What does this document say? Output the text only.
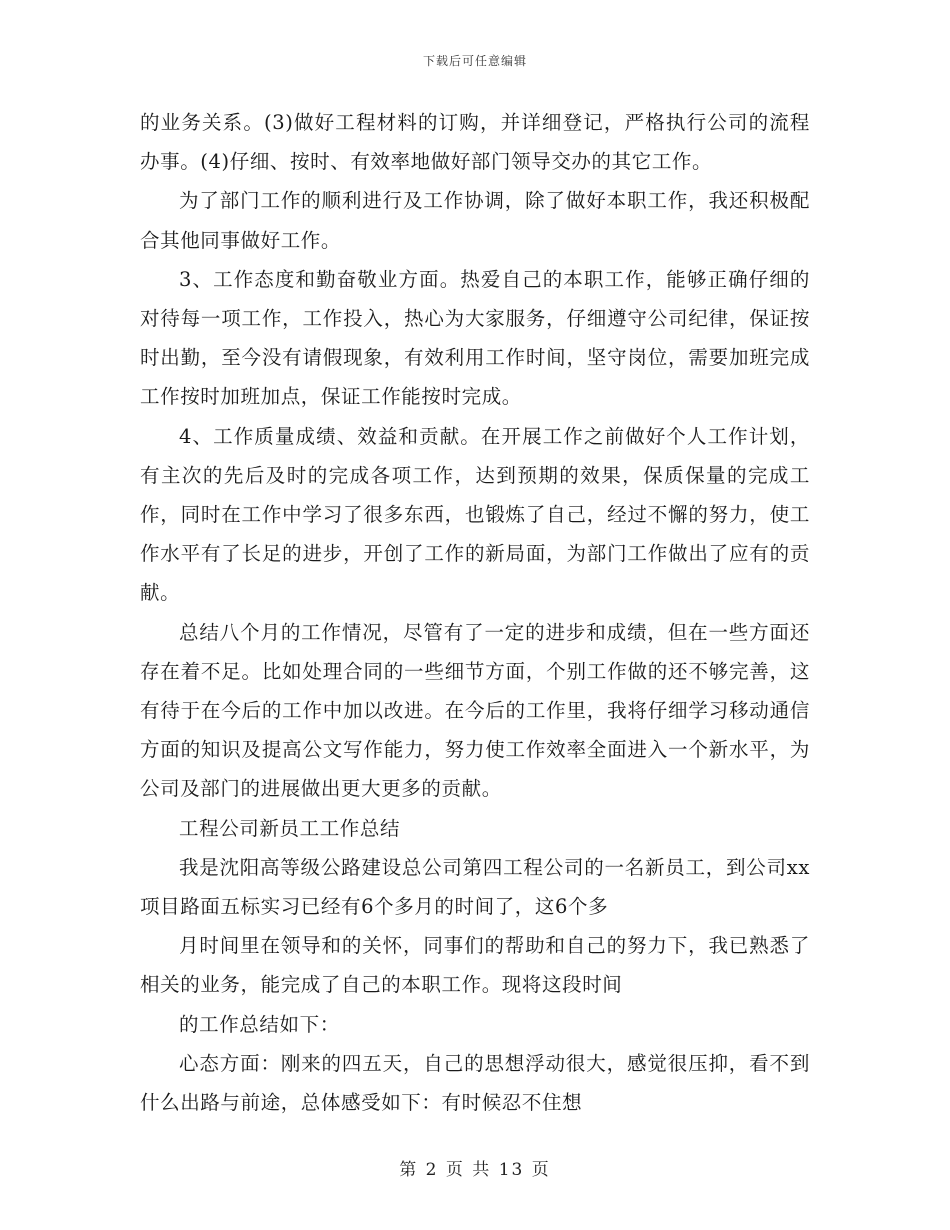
下载后可任意编辑

的业务关系。(3)做好工程材料的订购，并详细登记，严格执行公司的流程办事。(4)仔细、按时、有效率地做好部门领导交办的其它工作。

为了部门工作的顺利进行及工作协调，除了做好本职工作，我还积极配合其他同事做好工作。

3、工作态度和勤奋敬业方面。热爱自己的本职工作，能够正确仔细的对待每一项工作，工作投入，热心为大家服务，仔细遵守公司纪律，保证按时出勤，至今没有请假现象，有效利用工作时间，坚守岗位，需要加班完成工作按时加班加点，保证工作能按时完成。

4、工作质量成绩、效益和贡献。在开展工作之前做好个人工作计划，有主次的先后及时的完成各项工作，达到预期的效果，保质保量的完成工作，同时在工作中学习了很多东西，也锻炼了自己，经过不懈的努力，使工作水平有了长足的进步，开创了工作的新局面，为部门工作做出了应有的贡献。

总结八个月的工作情况，尽管有了一定的进步和成绩，但在一些方面还存在着不足。比如处理合同的一些细节方面，个别工作做的还不够完善，这有待于在今后的工作中加以改进。在今后的工作里，我将仔细学习移动通信方面的知识及提高公文写作能力，努力使工作效率全面进入一个新水平，为公司及部门的进展做出更大更多的贡献。

工程公司新员工工作总结

我是沈阳高等级公路建设总公司第四工程公司的一名新员工，到公司xx项目路面五标实习已经有6个多月的时间了，这6个多

月时间里在领导和的关怀，同事们的帮助和自己的努力下，我已熟悉了相关的业务，能完成了自己的本职工作。现将这段时间

的工作总结如下：

心态方面：刚来的四五天，自己的思想浮动很大，感觉很压抑，看不到什么出路与前途，总体感受如下：有时候忍不住想

第 2 页 共 13 页
